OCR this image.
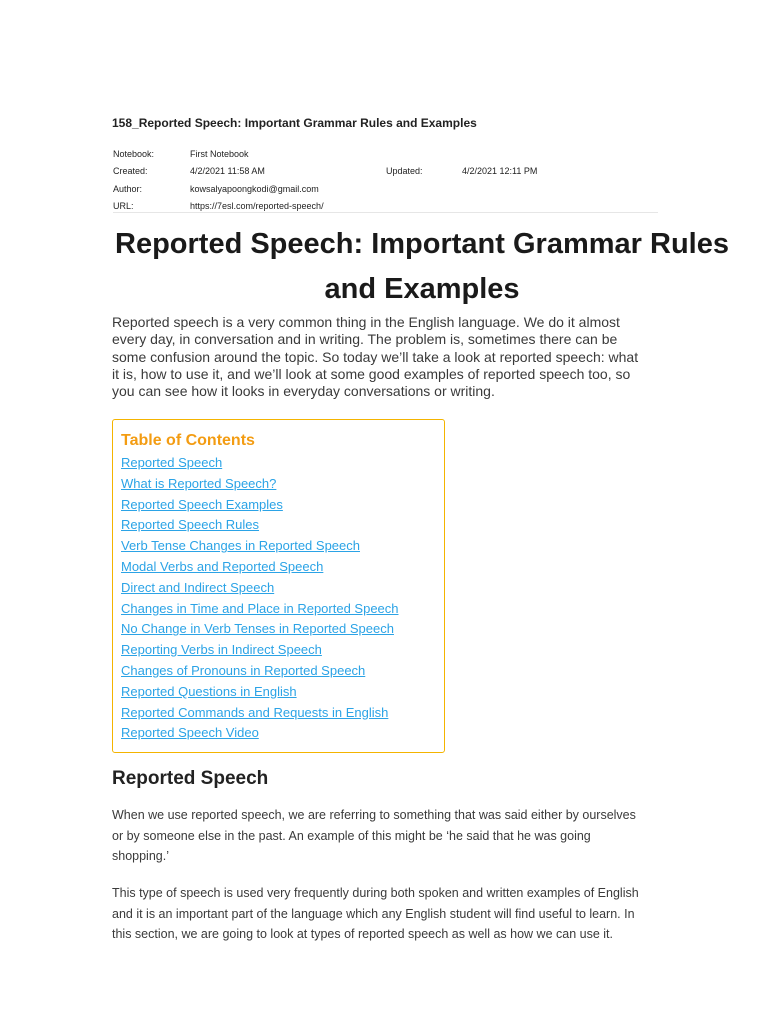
158_Reported Speech: Important Grammar Rules and Examples
Notebook:	First Notebook
Created:	4/2/2021 11:58 AM	Updated:	4/2/2021 12:11 PM
Author:	kowsalyapoongkodi@gmail.com
URL:	https://7esl.com/reported-speech/
Reported Speech: Important Grammar Rules and Examples

Reported speech is a very common thing in the English language. We do it almost every day, in conversation and in writing. The problem is, sometimes there can be some confusion around the topic. So today we’ll take a look at reported speech: what it is, how to use it, and we’ll look at some good examples of reported speech too, so you can see how it looks in everyday conversations or writing.

Table of Contents
Reported Speech
What is Reported Speech?
Reported Speech Examples
Reported Speech Rules
Verb Tense Changes in Reported Speech
Modal Verbs and Reported Speech
Direct and Indirect Speech
Changes in Time and Place in Reported Speech
No Change in Verb Tenses in Reported Speech
Reporting Verbs in Indirect Speech
Changes of Pronouns in Reported Speech
Reported Questions in English
Reported Commands and Requests in English
Reported Speech Video
Reported Speech

When we use reported speech, we are referring to something that was said either by ourselves or by someone else in the past. An example of this might be ‘he said that he was going shopping.’

This type of speech is used very frequently during both spoken and written examples of English and it is an important part of the language which any English student will find useful to learn. In this section, we are going to look at types of reported speech as well as how we can use it.
